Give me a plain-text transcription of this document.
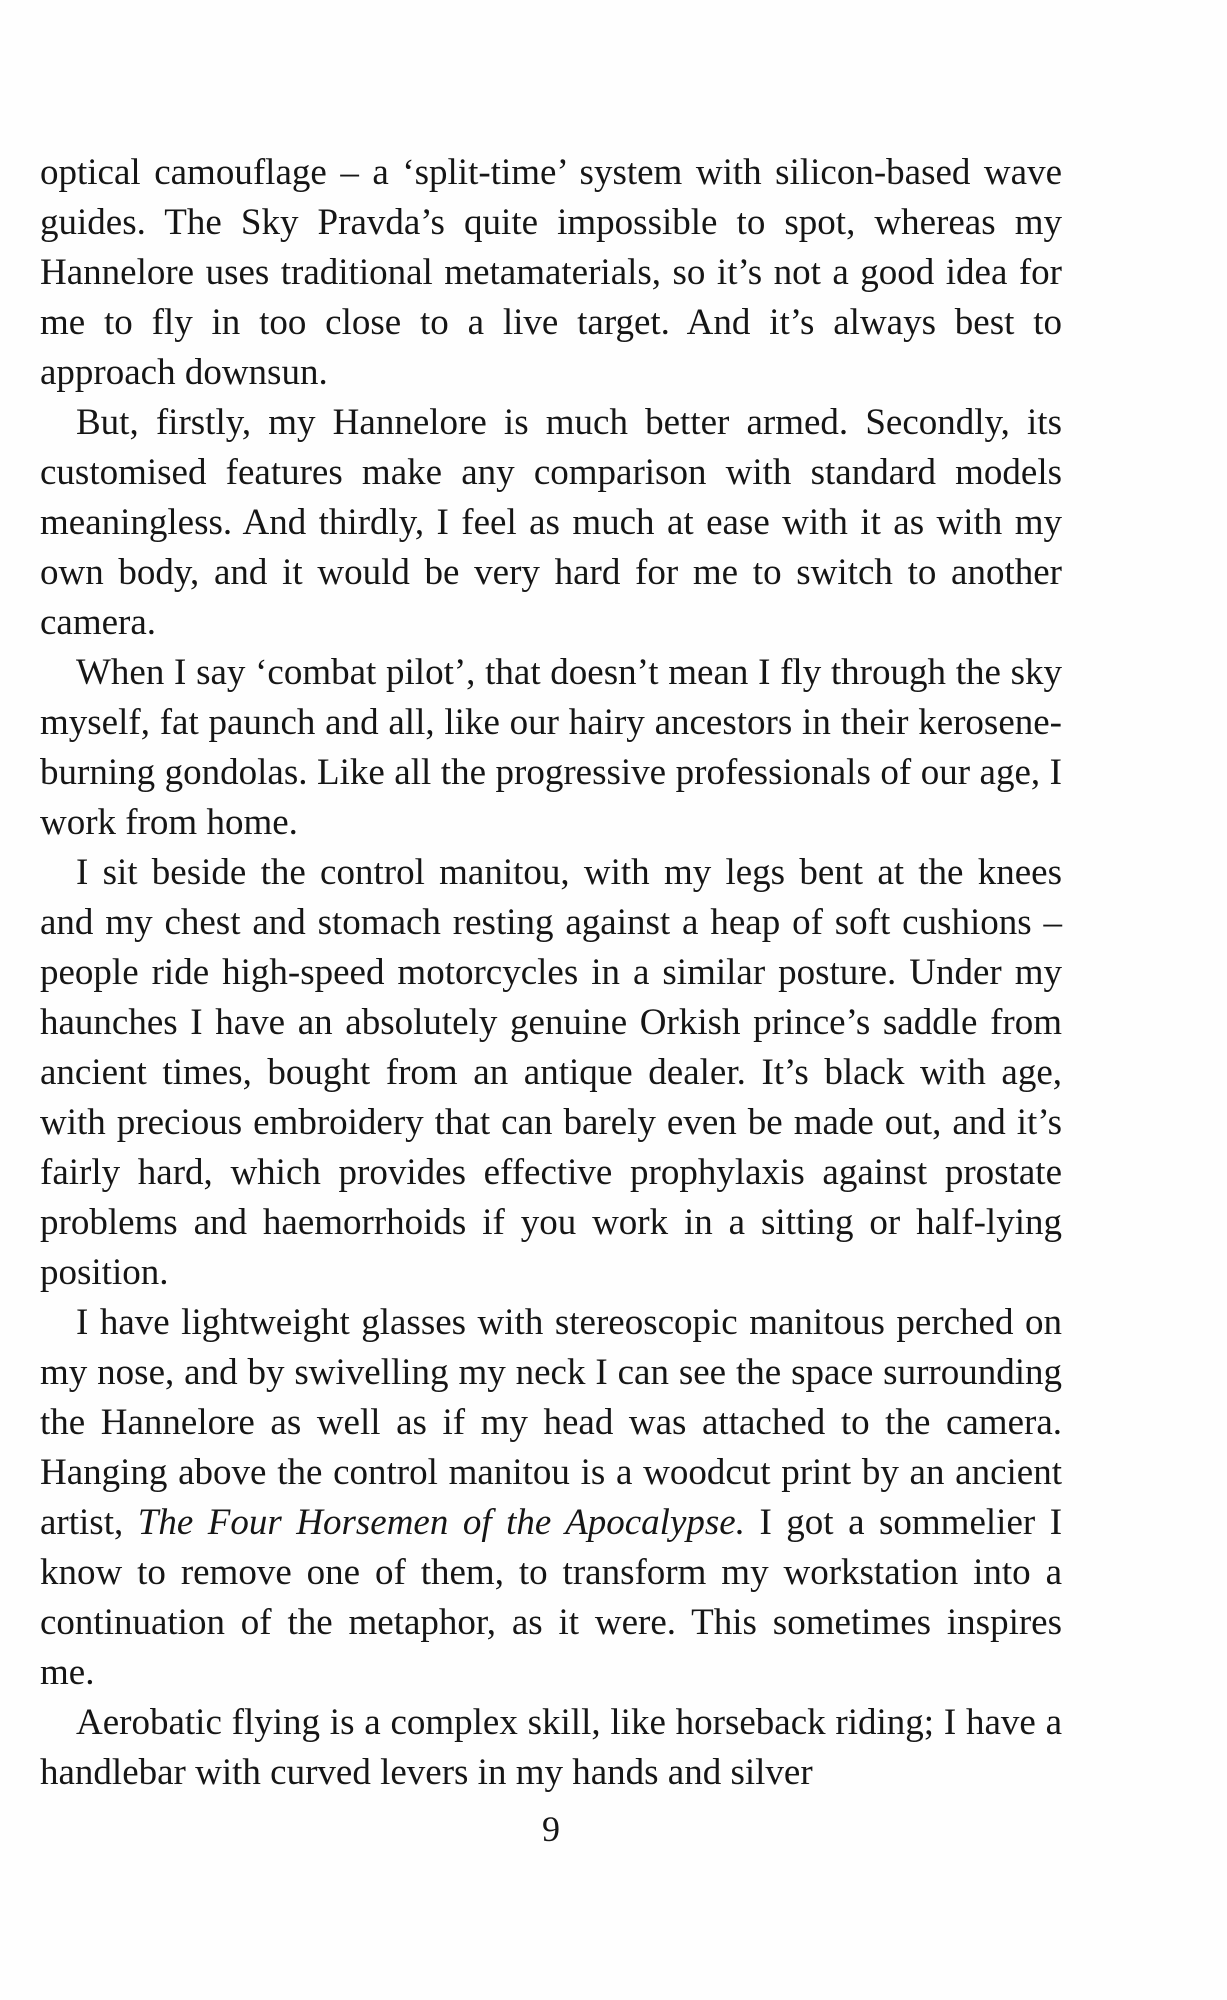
optical camouflage – a ‘split-time’ system with silicon-based wave guides. The Sky Pravda’s quite impossible to spot, whereas my Hannelore uses traditional metamaterials, so it’s not a good idea for me to fly in too close to a live target. And it’s always best to approach downsun.

But, firstly, my Hannelore is much better armed. Secondly, its customised features make any comparison with standard models meaningless. And thirdly, I feel as much at ease with it as with my own body, and it would be very hard for me to switch to another camera.

When I say ‘combat pilot’, that doesn’t mean I fly through the sky myself, fat paunch and all, like our hairy ancestors in their kerosene-burning gondolas. Like all the progressive professionals of our age, I work from home.

I sit beside the control manitou, with my legs bent at the knees and my chest and stomach resting against a heap of soft cushions – people ride high-speed motorcycles in a similar posture. Under my haunches I have an absolutely genuine Orkish prince’s saddle from ancient times, bought from an antique dealer. It’s black with age, with precious embroidery that can barely even be made out, and it’s fairly hard, which provides effective prophylaxis against prostate problems and haemorrhoids if you work in a sitting or half-lying position.

I have lightweight glasses with stereoscopic manitous perched on my nose, and by swivelling my neck I can see the space surrounding the Hannelore as well as if my head was attached to the camera. Hanging above the control manitou is a woodcut print by an ancient artist, The Four Horsemen of the Apocalypse. I got a sommelier I know to remove one of them, to transform my workstation into a continuation of the metaphor, as it were. This sometimes inspires me.

Aerobatic flying is a complex skill, like horseback riding; I have a handlebar with curved levers in my hands and silver

9
